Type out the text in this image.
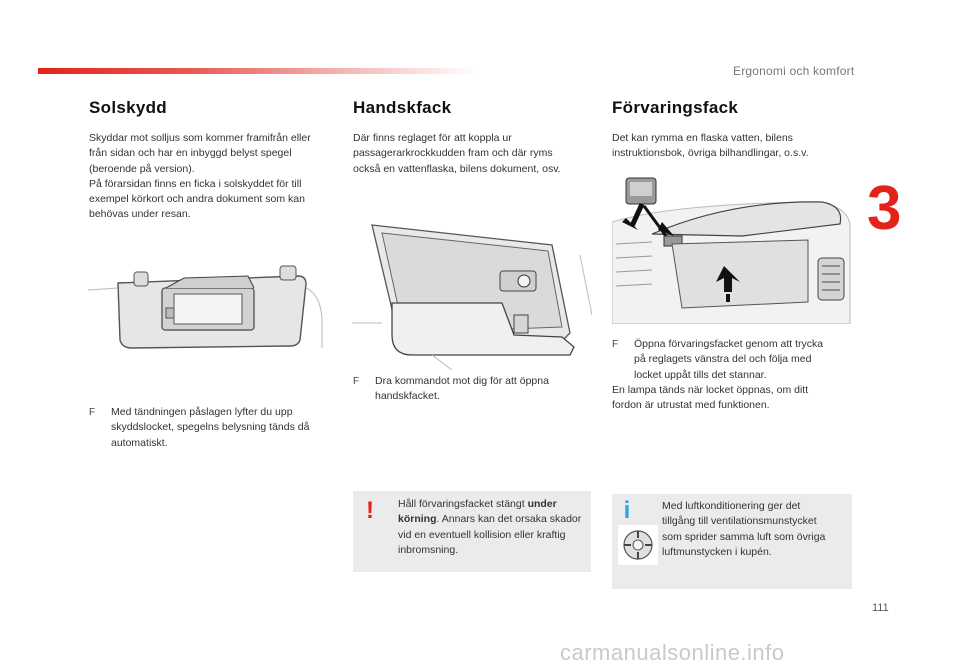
Ergonomi och komfort
3
Solskydd

Skyddar mot solljus som kommer framifrån eller
från sidan och har en inbyggd belyst spegel
(beroende på version).
På förarsidan finns en ficka i solskyddet för till
exempel körkort och andra dokument som kan
behövas under resan.

F Med tändningen påslagen lyfter du upp
skyddslocket, spegelns belysning tänds då
automatiskt.
Handskfack

Där finns reglaget för att koppla ur
passagerarkrockkudden fram och där ryms
också en vattenflaska, bilens dokument, osv.

F Dra kommandot mot dig för att öppna
handskfacket.
! Håll förvaringsfacket stängt under
körning. Annars kan det orsaka skador
vid en eventuell kollision eller kraftig
inbromsning.

Förvaringsfack

Det kan rymma en flaska vatten, bilens
instruktionsbok, övriga bilhandlingar, o.s.v.

F Öppna förvaringsfacket genom att trycka
på reglagets vänstra del och följa med
locket uppåt tills det stannar.

En lampa tänds när locket öppnas, om ditt
fordon är utrustat med funktionen.

i	Med luftkonditionering ger det
tillgång till ventilationsmunstycket
som sprider samma luft som övriga
luftmunstycken i kupén.

111
carmanualsonline.info
